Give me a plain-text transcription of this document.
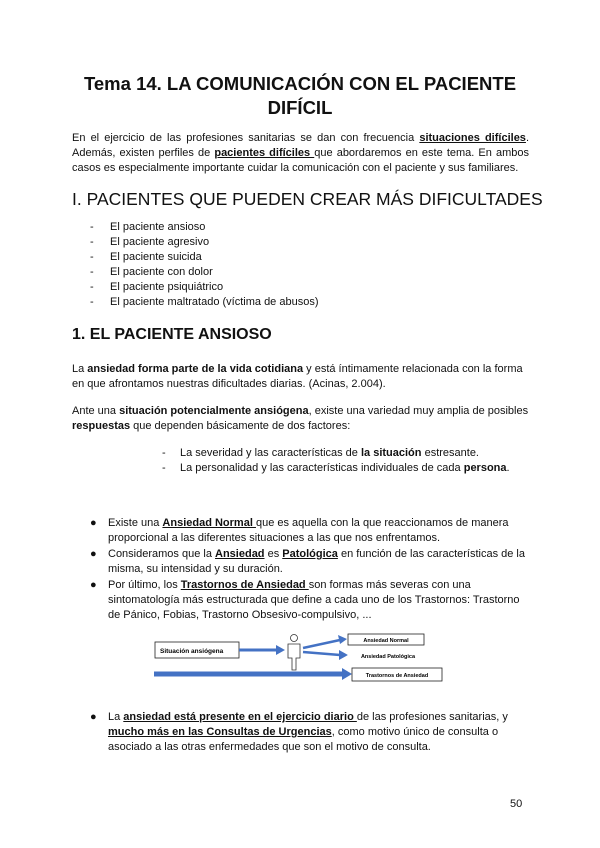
Tema 14. LA COMUNICACIÓN CON EL PACIENTE
DIFÍCIL
En el ejercicio de las profesiones sanitarias se dan con frecuencia situaciones difíciles. Además, existen perfiles de pacientes difíciles que abordaremos en este tema. En ambos casos es especialmente importante cuidar la comunicación con el paciente y sus familiares.
I. PACIENTES QUE PUEDEN CREAR MÁS DIFICULTADES
- El paciente ansioso
- El paciente agresivo
- El paciente suicida
- El paciente con dolor
- El paciente psiquiátrico
- El paciente maltratado (víctima de abusos)
1. EL PACIENTE ANSIOSO
La ansiedad forma parte de la vida cotidiana y está íntimamente relacionada con la forma en que afrontamos nuestras dificultades diarias. (Acinas, 2.004).
Ante una situación potencialmente ansiógena, existe una variedad muy amplia de posibles respuestas que dependen básicamente de dos factores:
- La severidad y las características de la situación estresante.
- La personalidad y las características individuales de cada persona.
● Existe una Ansiedad Normal que es aquella con la que reaccionamos de manera proporcional a las diferentes situaciones a las que nos enfrentamos.
● Consideramos que la Ansiedad es Patológica en función de las características de la misma, su intensidad y su duración.
● Por último, los Trastornos de Ansiedad son formas más severas con una sintomatología más estructurada que define a cada uno de los Trastornos: Trastorno de Pánico, Fobias, Trastorno Obsesivo-compulsivo, ...
Situación ansiógena
Ansiedad Normal
Ansiedad Patológica
Trastornos de Ansiedad
● La ansiedad está presente en el ejercicio diario de las profesiones sanitarias, y mucho más en las Consultas de Urgencias, como motivo único de consulta o asociado a las otras enfermedades que son el motivo de consulta.
50
